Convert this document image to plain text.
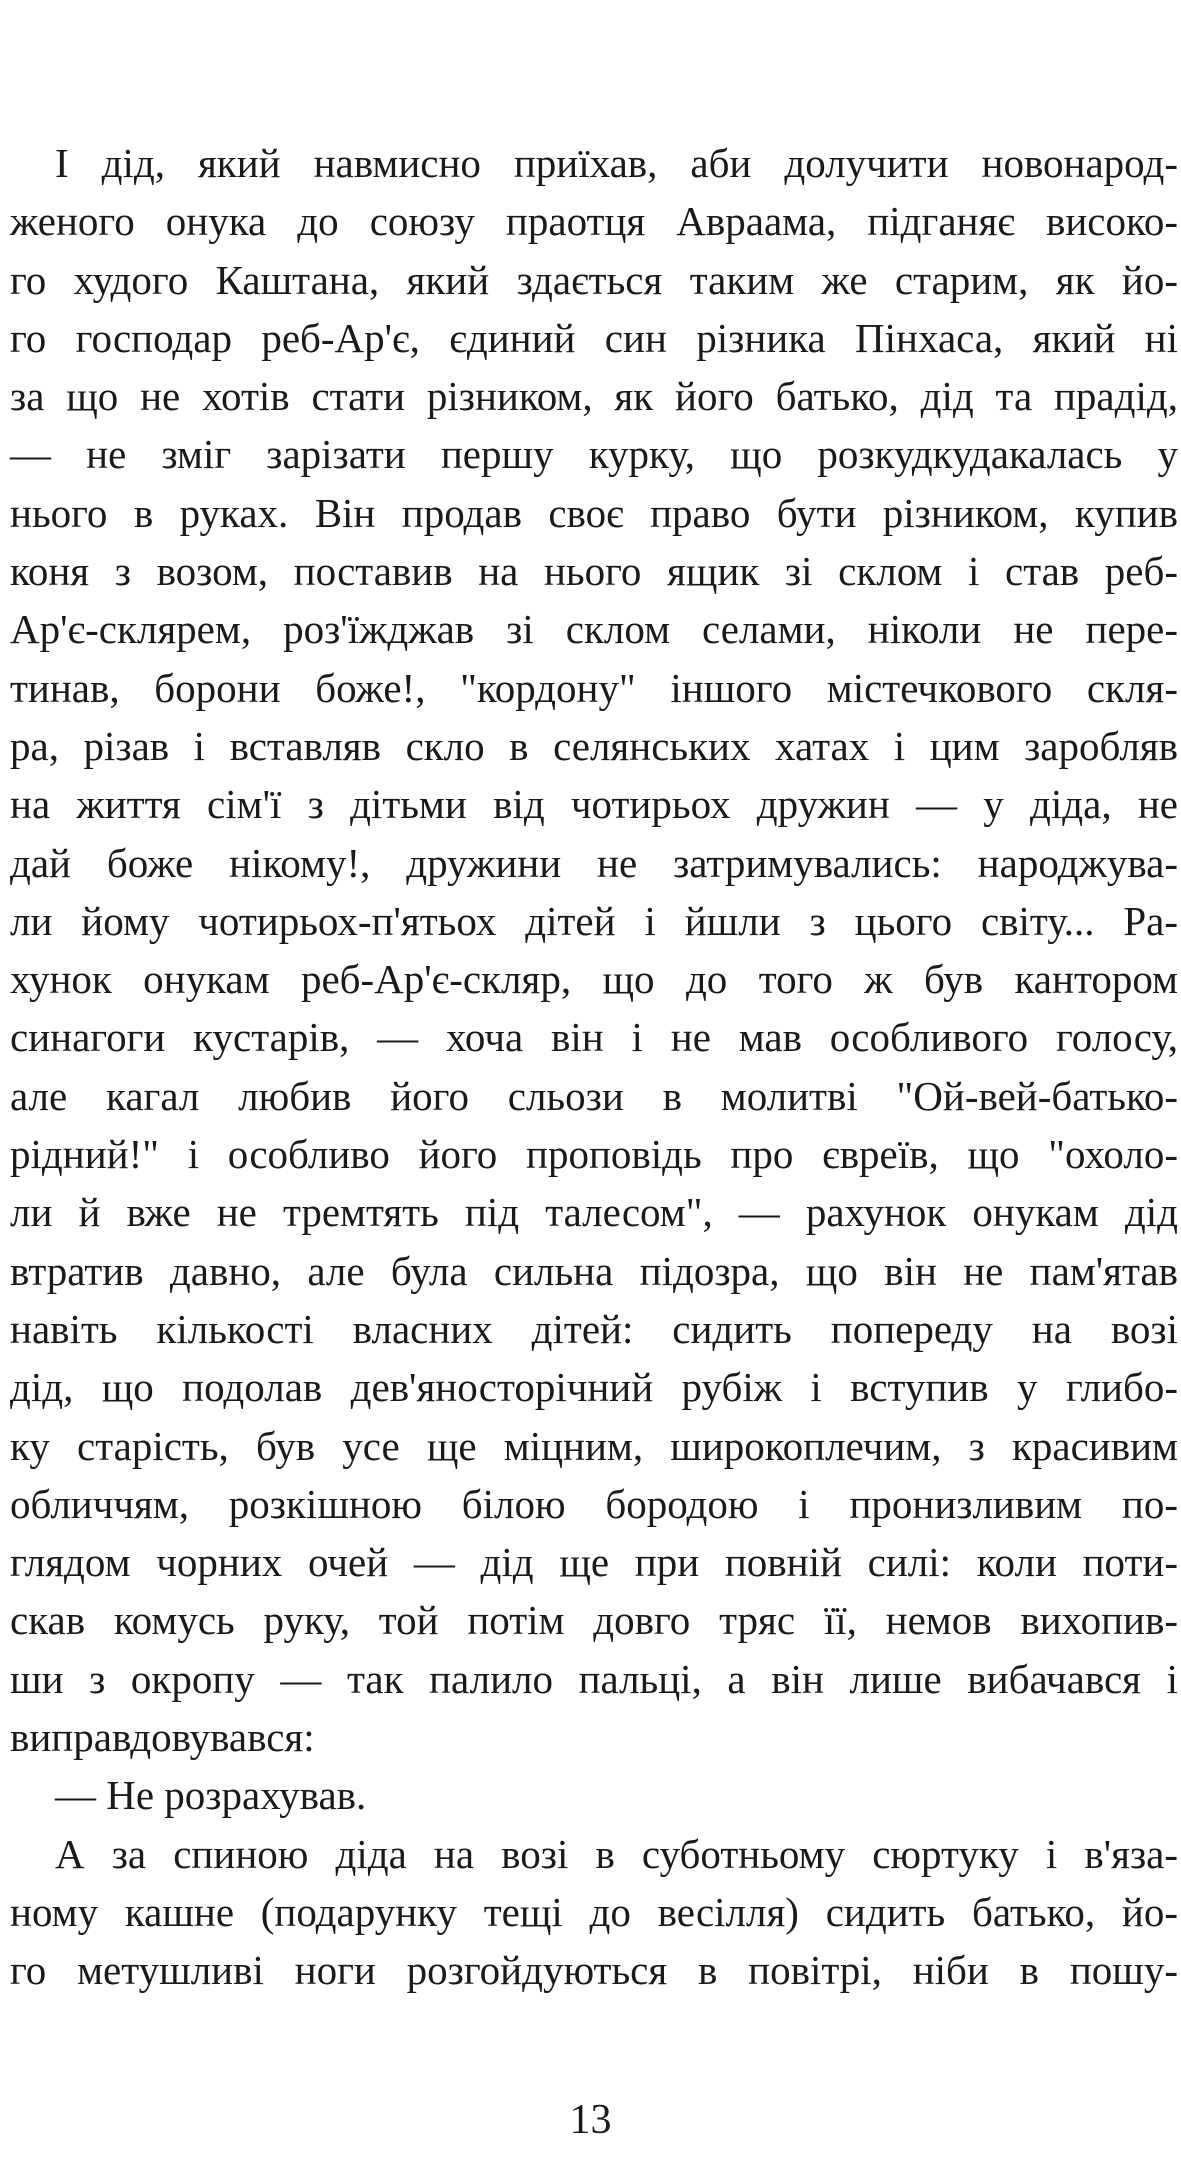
І дід, який навмисно приїхав, аби долучити новонарод-
женого онука до союзу праотця Авраама, підганяє високо-
го худого Каштана, який здається таким же старим, як йо-
го господар реб-Ар'є, єдиний син різника Пінхаса, який ні
за що не хотів стати різником, як його батько, дід та прадід,
— не зміг зарізати першу курку, що розкудкудакалась у
нього в руках. Він продав своє право бути різником, купив
коня з возом, поставив на нього ящик зі склом і став реб-
Ар'є-склярем, роз'їжджав зі склом селами, ніколи не пере-
тинав, борони боже!, "кордону" іншого містечкового скля-
ра, різав і вставляв скло в селянських хатах і цим заробляв
на життя сім'ї з дітьми від чотирьох дружин — у діда, не
дай боже нікому!, дружини не затримувались: народжува-
ли йому чотирьох-п'ятьох дітей і йшли з цього світу... Ра-
хунок онукам реб-Ар'є-скляр, що до того ж був кантором
синагоги кустарів, — хоча він і не мав особливого голосу,
але кагал любив його сльози в молитві "Ой-вей-батько-
рідний!" і особливо його проповідь про євреїв, що "охоло-
ли й вже не тремтять під талесом", — рахунок онукам дід
втратив давно, але була сильна підозра, що він не пам'ятав
навіть кількості власних дітей: сидить попереду на возі
дід, що подолав дев'яносторічний рубіж і вступив у глибо-
ку старість, був усе ще міцним, широкоплечим, з красивим
обличчям, розкішною білою бородою і пронизливим по-
глядом чорних очей — дід ще при повній силі: коли поти-
скав комусь руку, той потім довго тряс її, немов вихопив-
ши з окропу — так палило пальці, а він лише вибачався і
виправдовувався:
— Не розрахував.
А за спиною діда на возі в суботньому сюртуку і в'яза-
ному кашне (подарунку тещі до весілля) сидить батько, йо-
го метушливі ноги розгойдуються в повітрі, ніби в пошу-
13
